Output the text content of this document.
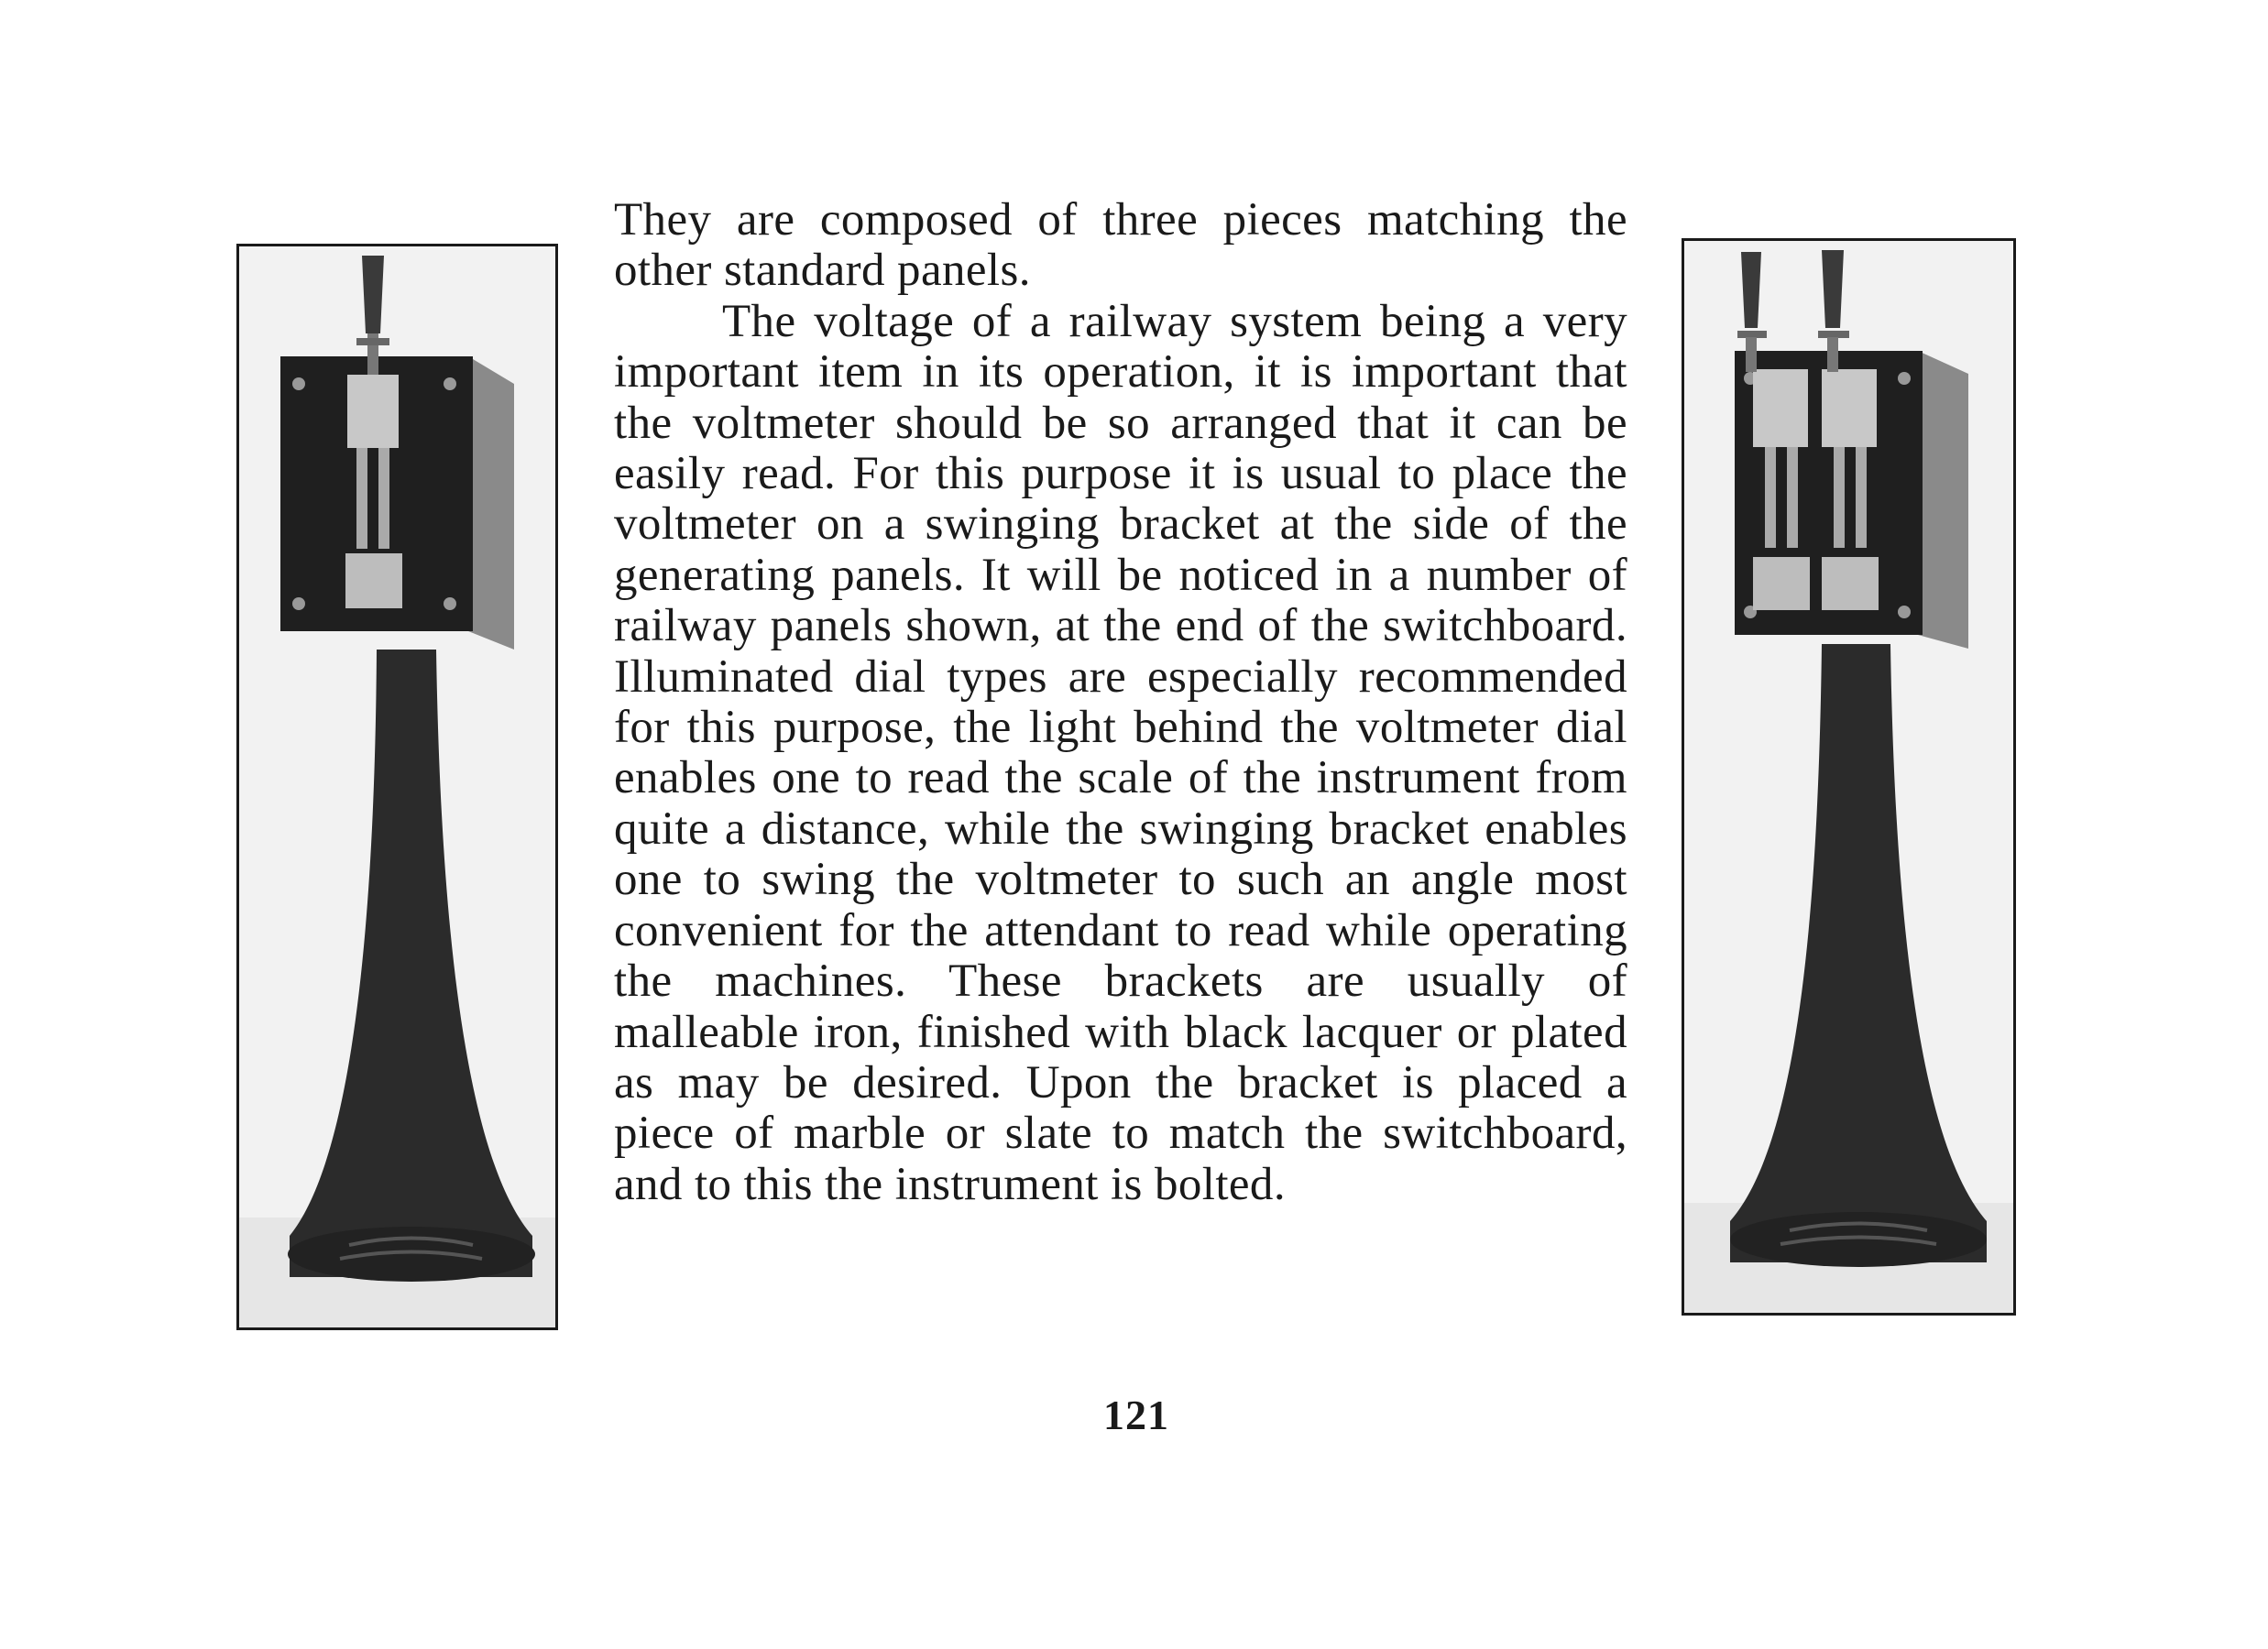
They are composed of three pieces matching the other standard panels.

The voltage of a railway system being a very important item in its operation, it is important that the voltmeter should be so arranged that it can be easily read. For this purpose it is usual to place the voltmeter on a swinging bracket at the side of the generating panels. It will be noticed in a number of railway panels shown, at the end of the switchboard. Illuminated dial types are especially recommended for this purpose, the light behind the voltmeter dial enables one to read the scale of the instrument from quite a distance, while the swinging bracket enables one to swing the voltmeter to such an angle most convenient for the attendant to read while operating the machines. These brackets are usually of malleable iron, finished with black lacquer or plated as may be desired. Upon the bracket is placed a piece of marble or slate to match the switchboard, and to this the instrument is bolted.

121
